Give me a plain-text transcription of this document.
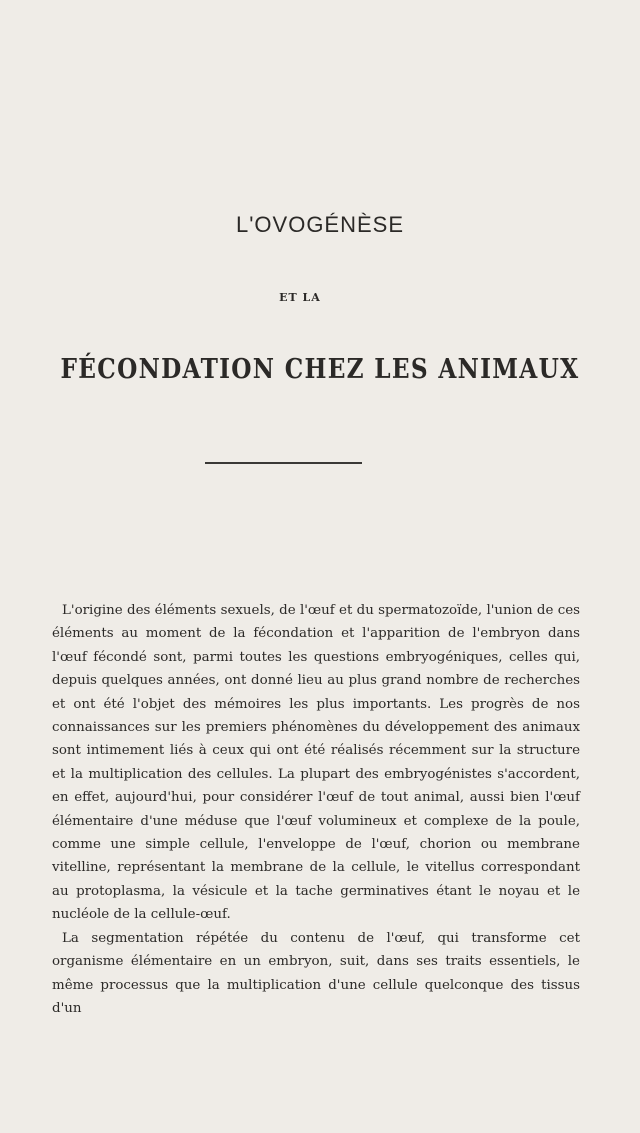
L'OVOGÉNÈSE
ET LA
FÉCONDATION CHEZ LES ANIMAUX

L'origine des éléments sexuels, de l'œuf et du spermatozoïde, l'union de ces éléments au moment de la fécondation et l'apparition de l'embryon dans l'œuf fécondé sont, parmi toutes les questions embryogéniques, celles qui, depuis quelques années, ont donné lieu au plus grand nombre de recherches et ont été l'objet des mémoires les plus importants. Les progrès de nos connaissances sur les premiers phénomènes du développement des animaux sont intimement liés à ceux qui ont été réalisés récemment sur la structure et la multiplication des cellules. La plupart des embryogénistes s'accordent, en effet, aujourd'hui, pour considérer l'œuf de tout animal, aussi bien l'œuf élémentaire d'une méduse que l'œuf volumineux et complexe de la poule, comme une simple cellule, l'enveloppe de l'œuf, chorion ou membrane vitelline, représentant la membrane de la cellule, le vitellus correspondant au protoplasma, la vésicule et la tache germinatives étant le noyau et le nucléole de la cellule-œuf.

La segmentation répétée du contenu de l'œuf, qui transforme cet organisme élémentaire en un embryon, suit, dans ses traits essentiels, le même processus que la multiplication d'une cellule quelconque des tissus d'un
